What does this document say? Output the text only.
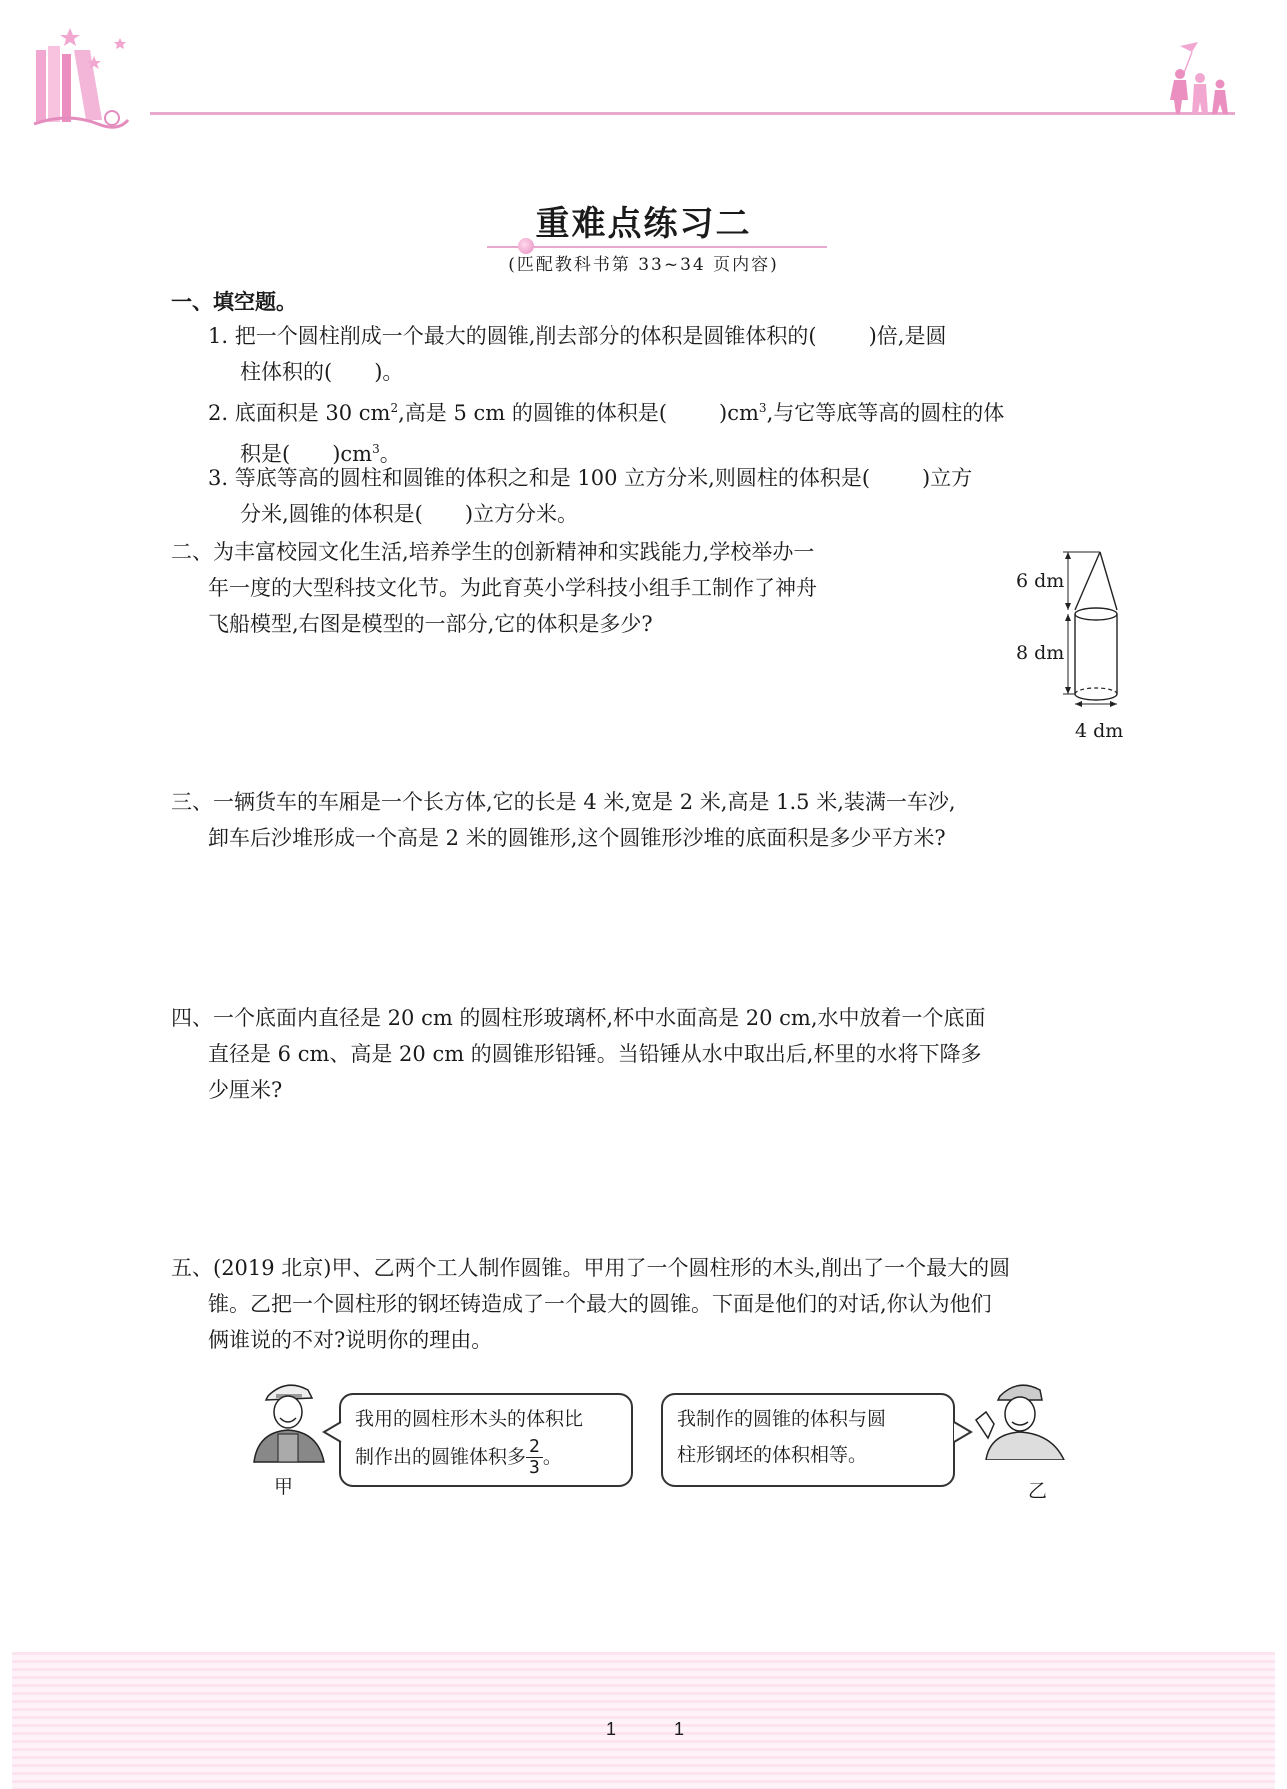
重难点练习二
(匹配教科书第 33~34 页内容)
一、填空题。
1. 把一个圆柱削成一个最大的圆锥,削去部分的体积是圆锥体积的( )倍,是圆
柱体积的(　　)。
2. 底面积是 30 $cm^2$,高是 5 cm 的圆锥的体积是( )$cm^3$,与它等底等高的圆柱的体
积是(　　)$cm^3$。
3. 等底等高的圆柱和圆锥的体积之和是 100 立方分米,则圆柱的体积是( )立方
分米,圆锥的体积是(　　)立方分米。
二、为丰富校园文化生活,培养学生的创新精神和实践能力,学校举办一
年一度的大型科技文化节。为此育英小学科技小组手工制作了神舟
飞船模型,右图是模型的一部分,它的体积是多少?
6 dm
8 dm
4 dm
三、一辆货车的车厢是一个长方体,它的长是 4 米,宽是 2 米,高是 1.5 米,装满一车沙,
卸车后沙堆形成一个高是 2 米的圆锥形,这个圆锥形沙堆的底面积是多少平方米?
四、一个底面内直径是 20 cm 的圆柱形玻璃杯,杯中水面高是 20 cm,水中放着一个底面
直径是 6 cm、高是 20 cm 的圆锥形铅锤。当铅锤从水中取出后,杯里的水将下降多
少厘米?
五、(2019 北京)甲、乙两个工人制作圆锥。甲用了一个圆柱形的木头,削出了一个最大的圆
锥。乙把一个圆柱形的钢坯铸造成了一个最大的圆锥。下面是他们的对话,你认为他们
俩谁说的不对?说明你的理由。
甲
我用的圆柱形木头的体积比
制作出的圆锥体积多 $\frac{2}{3}$ 。
我制作的圆锥的体积与圆
柱形钢坯的体积相等。
乙
1	1
